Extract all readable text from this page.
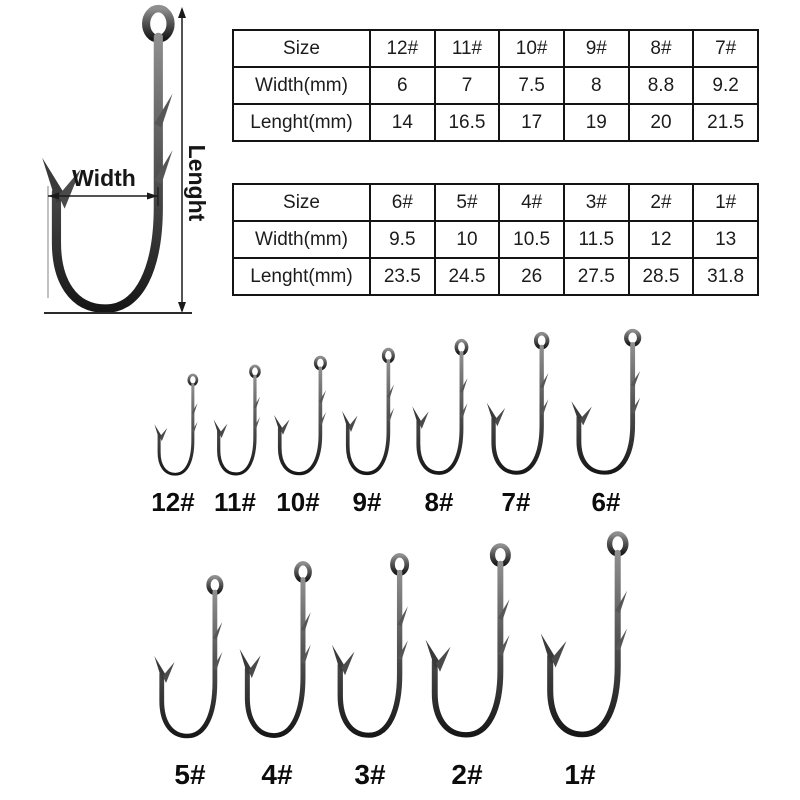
Width	Lenght
Size	12#	11#	10#	9#	8#	7#
Width(mm)	6	7	7.5	8	8.8	9.2
Lenght(mm)	14	16.5	17	19	20	21.5
Size	6#	5#	4#	3#	2#	1#
Width(mm)	9.5	10	10.5	11.5	12	13
Lenght(mm)	23.5	24.5	26	27.5	28.5	31.8
12# 11# 10#	9#	8#	7#	6#
5#	4#	3#	2#	1#
